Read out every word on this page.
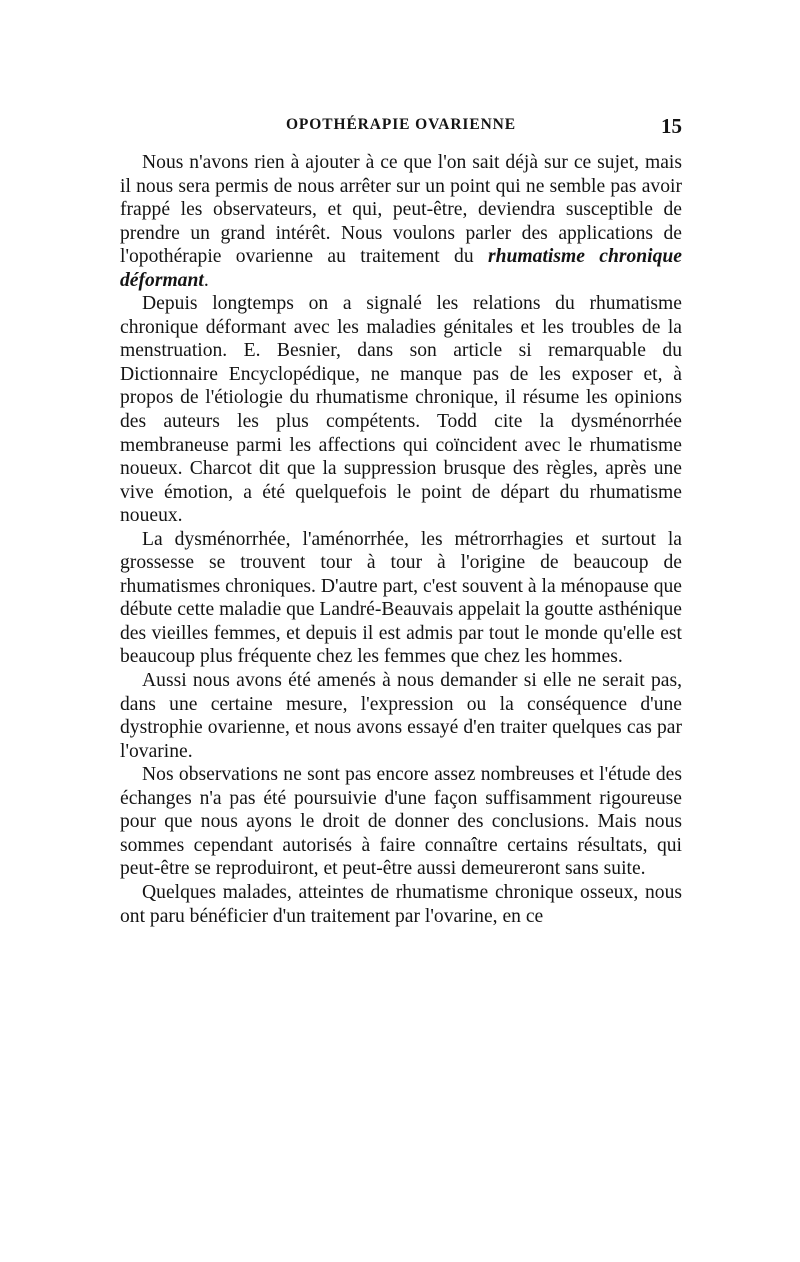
OPOTHÉRAPIE OVARIENNE	15

Nous n'avons rien à ajouter à ce que l'on sait déjà sur ce sujet, mais il nous sera permis de nous arrêter sur un point qui ne semble pas avoir frappé les observateurs, et qui, peut-être, deviendra susceptible de prendre un grand intérêt. Nous voulons parler des applications de l'opothérapie ovarienne au traitement du rhumatisme chronique déformant.

Depuis longtemps on a signalé les relations du rhumatisme chronique déformant avec les maladies génitales et les troubles de la menstruation. E. Besnier, dans son article si remarquable du Dictionnaire Encyclopédique, ne manque pas de les exposer et, à propos de l'étiologie du rhumatisme chronique, il résume les opinions des auteurs les plus compétents. Todd cite la dysménorrhée membraneuse parmi les affections qui coïncident avec le rhumatisme noueux. Charcot dit que la suppression brusque des règles, après une vive émotion, a été quelquefois le point de départ du rhumatisme noueux.

La dysménorrhée, l'aménorrhée, les métrorrhagies et surtout la grossesse se trouvent tour à tour à l'origine de beaucoup de rhumatismes chroniques. D'autre part, c'est souvent à la ménopause que débute cette maladie que Landré-Beauvais appelait la goutte asthénique des vieilles femmes, et depuis il est admis par tout le monde qu'elle est beaucoup plus fréquente chez les femmes que chez les hommes.

Aussi nous avons été amenés à nous demander si elle ne serait pas, dans une certaine mesure, l'expression ou la conséquence d'une dystrophie ovarienne, et nous avons essayé d'en traiter quelques cas par l'ovarine.

Nos observations ne sont pas encore assez nombreuses et l'étude des échanges n'a pas été poursuivie d'une façon suffisamment rigoureuse pour que nous ayons le droit de donner des conclusions. Mais nous sommes cependant autorisés à faire connaître certains résultats, qui peut-être se reproduiront, et peut-être aussi demeureront sans suite.

Quelques malades, atteintes de rhumatisme chronique osseux, nous ont paru bénéficier d'un traitement par l'ovarine, en ce
